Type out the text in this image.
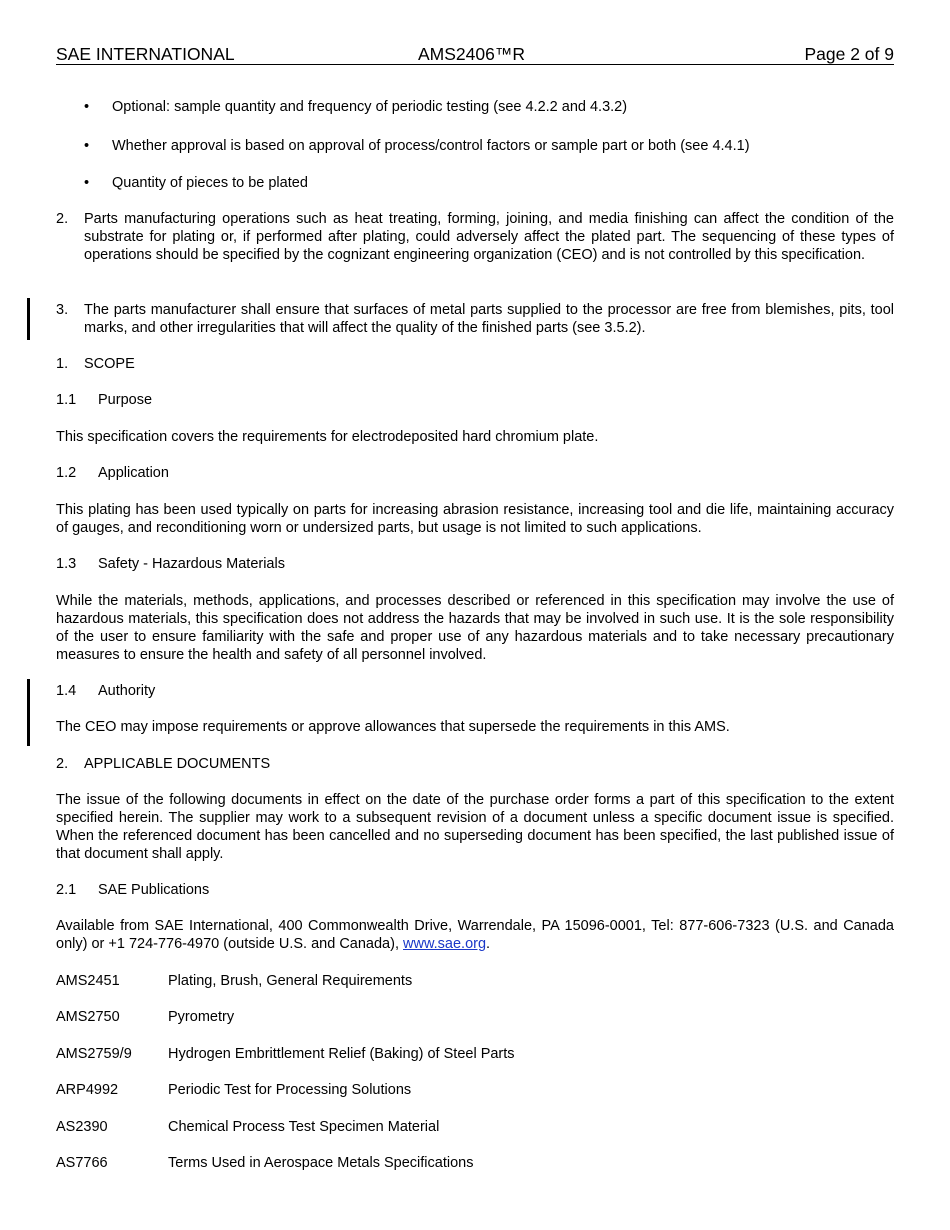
SAE INTERNATIONAL	AMS2406™R	Page 2 of 9
• Optional: sample quantity and frequency of periodic testing (see 4.2.2 and 4.3.2)
• Whether approval is based on approval of process/control factors or sample part or both (see 4.4.1)
• Quantity of pieces to be plated
2. Parts manufacturing operations such as heat treating, forming, joining, and media finishing can affect the condition of the substrate for plating or, if performed after plating, could adversely affect the plated part. The sequencing of these types of operations should be specified by the cognizant engineering organization (CEO) and is not controlled by this specification.
3. The parts manufacturer shall ensure that surfaces of metal parts supplied to the processor are free from blemishes, pits, tool marks, and other irregularities that will affect the quality of the finished parts (see 3.5.2).
1. SCOPE
1.1 Purpose
This specification covers the requirements for electrodeposited hard chromium plate.
1.2 Application
This plating has been used typically on parts for increasing abrasion resistance, increasing tool and die life, maintaining accuracy of gauges, and reconditioning worn or undersized parts, but usage is not limited to such applications.
1.3 Safety - Hazardous Materials
While the materials, methods, applications, and processes described or referenced in this specification may involve the use of hazardous materials, this specification does not address the hazards that may be involved in such use. It is the sole responsibility of the user to ensure familiarity with the safe and proper use of any hazardous materials and to take necessary precautionary measures to ensure the health and safety of all personnel involved.
1.4 Authority
The CEO may impose requirements or approve allowances that supersede the requirements in this AMS.
2. APPLICABLE DOCUMENTS
The issue of the following documents in effect on the date of the purchase order forms a part of this specification to the extent specified herein. The supplier may work to a subsequent revision of a document unless a specific document issue is specified. When the referenced document has been cancelled and no superseding document has been specified, the last published issue of that document shall apply.
2.1 SAE Publications
Available from SAE International, 400 Commonwealth Drive, Warrendale, PA 15096-0001, Tel: 877-606-7323 (U.S. and Canada only) or +1 724-776-4970 (outside U.S. and Canada), www.sae.org.
AMS2451	Plating, Brush, General Requirements
AMS2750	Pyrometry
AMS2759/9 Hydrogen Embrittlement Relief (Baking) of Steel Parts
ARP4992	Periodic Test for Processing Solutions
AS2390	Chemical Process Test Specimen Material
AS7766	Terms Used in Aerospace Metals Specifications
